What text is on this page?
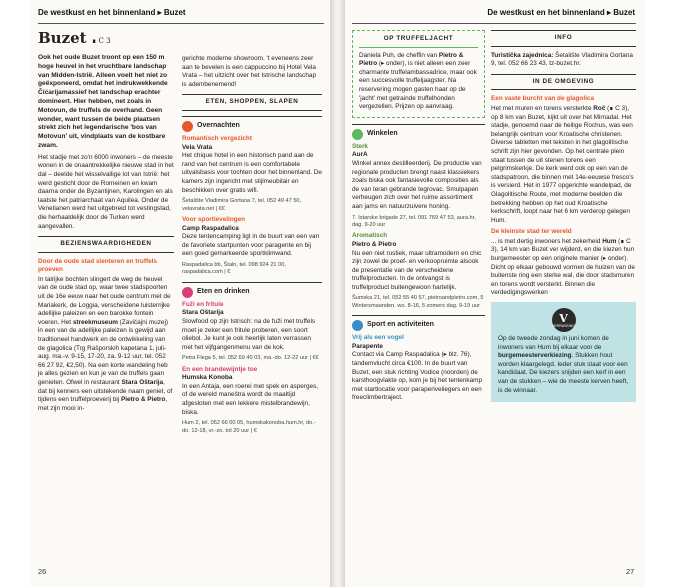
De westkust en het binnenland ▸ Buzet	De westkust en het binnenland ▸ Buzet
Buzet ∎ C 3

Ook het oude Buzet troont op een 150 m hoge heuvel in het vruchtbare landschap van Midden-Istrië. Alleen voelt het niet zo geëxponeerd, omdat het indrukwekkende Čićarijamassief het landschap erachter domineert. Hier hebben, net zoals in Motovun, de truffels de overhand. Geen wonder, want tussen de beide plaatsen strekt zich het legendarische 'bos van Motovun' uit, vindplaats van de kostbare zwam.

Het stadje met zo'n 6000 inwoners – de meeste wonen in de onaantrekkelijke nieuwe stad in het dal – deelde het wisselvallige lot van Istrië: het werd gesticht door de Romeinen en kwam daarna onder de Byzantijnen, Karolingen en als laatste het patriarchaat van Aquilea. Onder de Venetianen werd het uitgebreid tot vestingstad, die herhaaldelijk door de Turken werd aangevallen.

BEZIENSWAARDIGHEDEN

Door de oude stad slenteren en truffels proeven

In talrijke bochten slingert de weg de heuvel van de oude stad op, waar twee stadspoorten uit de 16e eeuw naar het oude centrum met de Mariakerk, de Loggia, verscheidene luisterrijke adellijke paleizen en een barokke fontein voeren. Het streekmuseum (Zavičajni muzej) in een van de adellijke paleizen is gewijd aan traditioneel handwerk en de ontwikkeling van de glagolica (Trg Rašporskih kapetana 1, juli-aug. ma.-v. 9-15, 17-20, za. 9-12 uur, tel. 052 66 27 92, €2,50). Na een korte wandeling heb je alles gezien en kun je van de truffels gaan genieten. Ofwel in restaurant Stara Oštarija, dat bij kenners een uitstekende naam geniet, of tijdens een truffelproeverij bij Pietro & Pietro, met zijn mooi in-

gerichte moderne showroom. 't eveneens zeer aan te bevelen is een cappuccino bij Hotel Vela Vrata – het uitzicht over het Istrische landschap is adembenemend!

ETEN, SHOPPEN, SLAPEN
Overnachten

Romantisch vergezicht

Vela Vrata

Het chique hotel in een historisch pand aan de rand van het centrum is een comfortabele uitvalsbasis voor tochten door het binnenland. De kamers zijn ingericht met stijlmeubilair en beschikken over gratis wifi.

Šetalište Vladimira Gortana 7, tel. 052 49 47 50, velavrata.net | €€

Voor sportievelingen

Camp Raspadalica

Deze tentencamping ligt in de buurt van een van de favoriete startpunten voor paragente en bij een goed gemarkeerde sportklimwand.

Raspadalica bb, Štaln, tel. 098 924 21 00, raspadalica.com | €

Eten en drinken

Fuži en fritule

Stara Oštarija

Slowfood op zijn Istrisch: na de fuži met truffels moet je zeker een fritule proberen, een soort oliebol. Je kunt je ook heerlijk laten verrassen met het vijfgangenmenu van de kok.

Petra Flega 5, tel. 052 69 40 03, ma.-do. 12-22 uur | €€

En een brandewijntje toe

Humska Konoba

In een Antaja, een roerei met spek en asperges, of de wereld maneštra wordt de maaltijd afgesloten met een lekkere mistelbrandewijn, biska.

Hum 2, tel. 052 66 00 05, humskakonoba.hum.hr, do.-do. 12-18, vr.-zo. tot 20 uur | €

OP TRUFFELJACHT

Daniela Puh, de cheffin van Pietro & Pietro (▸ onder), is niet alleen een zeer charmante truffelambassadrice, maar ook een succesvolle truffeljaagster. Na reservering mogen gasten haar op de 'jacht' met getrainde truffelhonden vergezellen. Prijzen op aanvraag.

Winkelen

Sterk

AurA

Winkel annex destilleerderij. De productie van regionale producten brengt naast klassiekers zoals biska ook fantasievolle composities als de van teran gebrande tegrovac. Smulpapen verheugen zich over het ruime assortiment aan jams en natuurzuivere honing.

7. Istarske brigade 27, tel. 091 769 47 53, aura.hr, dag. 9-20 uur

Aromatisch

Pietro & Pietro

Nu een niet rustiek, maar ultramodern en chic zijn zowel de proef- en verkoopruimte alsook de presentatie van de verscheidene truffelproducten. In de ontvangst is truffelproduct buitengewoon hartelijk.

Šumska 21, tel. 052 55 40 57, pietroandpietro.com, 5 Wintersmaanden. wo. 8-16, 5 zomers dag. 9-19 uur

Sport en activiteiten

Vrij als een vogel

Parapente

Contact via Camp Raspadalica (▸ blz. 76), tandemvlucht circa €100. In de buurt van Buzet, een stuk richting Vodice (noorden) de karsthoogvlakte op, kom je bij het tentenkamp met startlocatie voor paraperiveliegers en een freeclimbertraject.

INFO

Turistička zajednica: Šetalište Vladimira Gortana 9, tel. 052 66 23 43, tz-buzet.hr.

IN DE OMGEVING

Een vaste burcht van de glagolica

Het met muren en torens versterkte Roč (∎ C 3), op 8 km van Buzet, kijkt uit over het Mirnadal. Het stadje, genoemd naar de heilige Rochus, was een belangrijk centrum voor Kroatische christenen. Diverse tabletten met teksten in het glagolitische schrift zijn hier gevonden. Op het centrale plein staat tussen de uit stenen torens een pelgrimskerkje. De kerk werd ook op een van de stadspatroon, die binnen met 14e-eeuwse fresco's is versierd. Het in 1977 opgerichte wandelpad, de Glagolitische Route, met moderne beelden die betrekking hebben op het oud Kroatische kerkschrift, loopt naar het 6 km verderop gelegen Hum.

De kleinste stad ter wereld

... is met dertig inwoners het zekerheid Hum (∎ C 3), 14 km van Buzet ver wijderd, en die kiezen hun burgemeester op een originele manier (▸ onder). Dicht op elkaar gebouwd vormen de huizen van de buitenste ring een sterke wal, die door stadsmuren en torens wordt versterkt. Binnen die verdedigingswerken

V
VERRASSING

Op de tweede zondag in juni komen de inwoners van Hum bij elkaar voor de burgemeesterverkiezing. Stukken hout worden klaargelegd. Ieder stuk staat voor een kandidaat. De kiezers snijden een kerf in een van de stukken – wie de meeste kerven heeft, is de winnaar.

26	27
